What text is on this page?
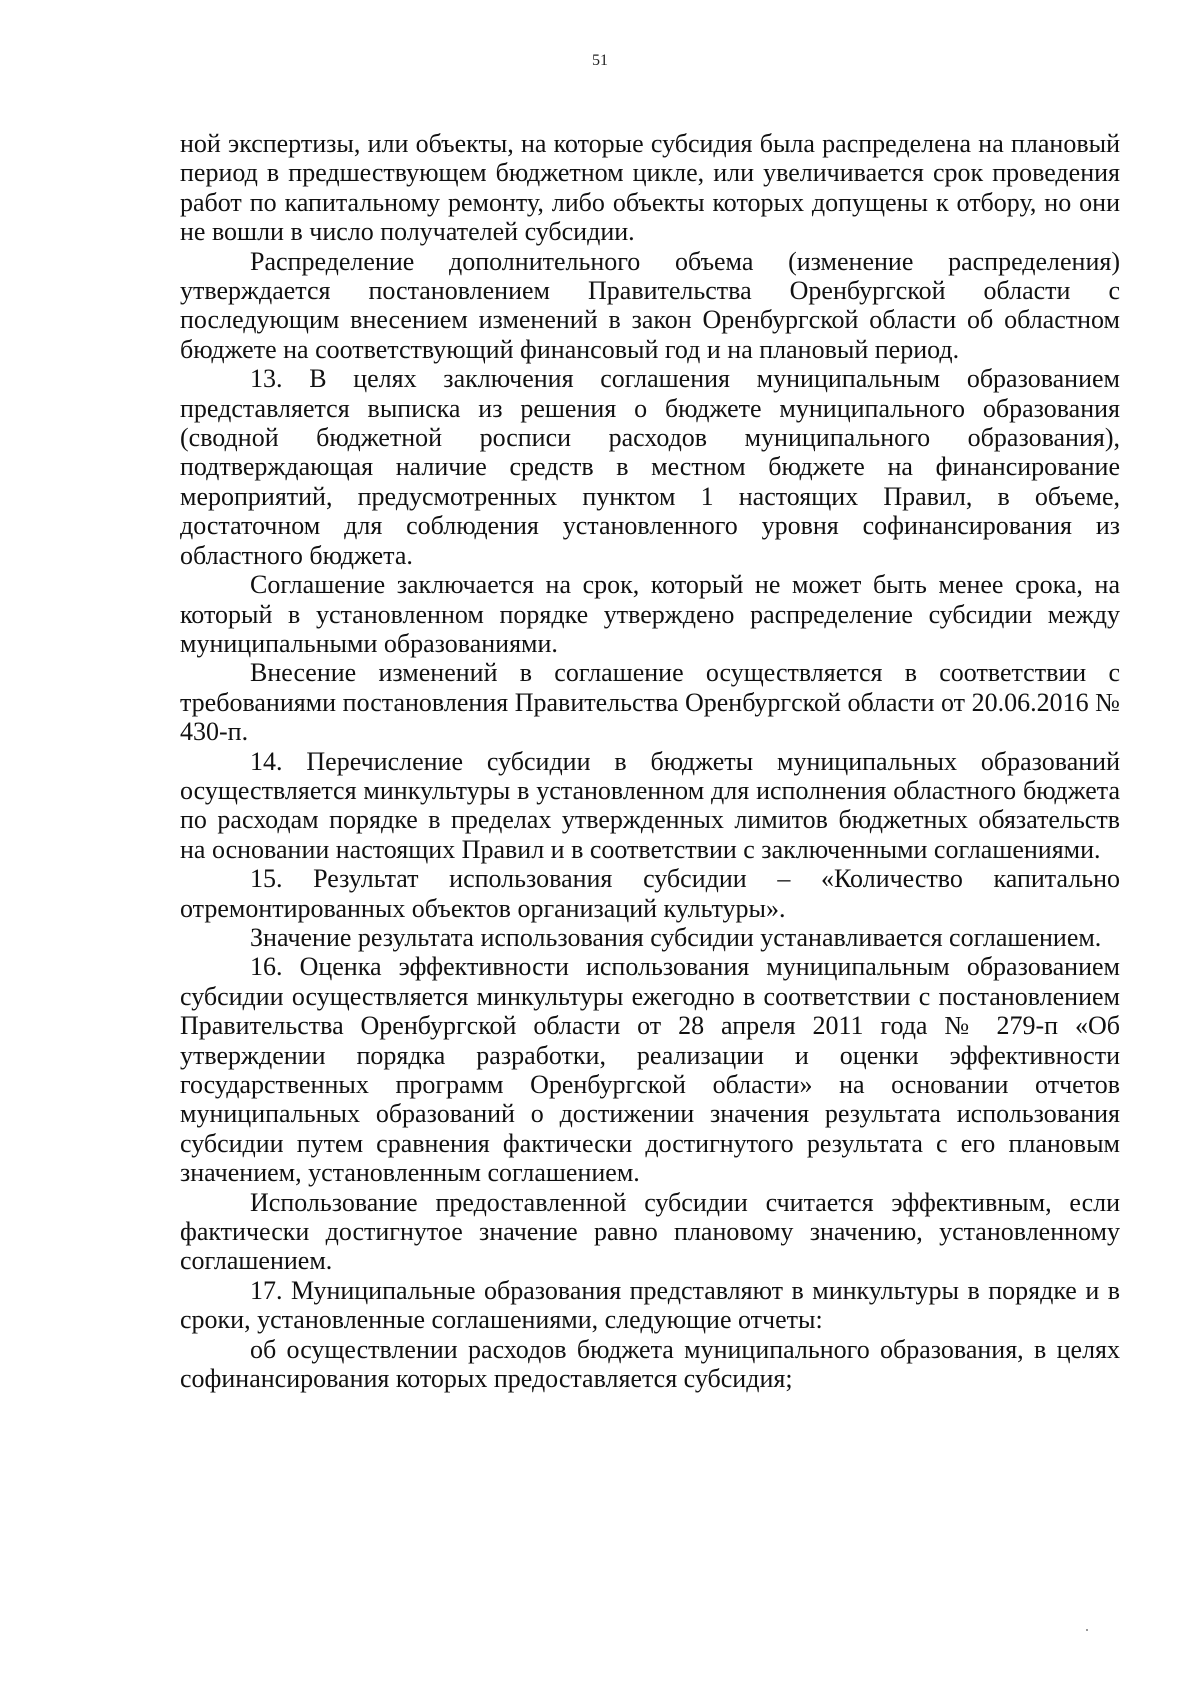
51

ной экспертизы, или объекты, на которые субсидия была распределена на плановый период в предшествующем бюджетном цикле, или увеличивается срок проведения работ по капитальному ремонту, либо объекты которых допущены к отбору, но они не вошли в число получателей субсидии.

Распределение дополнительного объема (изменение распределения) утверждается постановлением Правительства Оренбургской области с последующим внесением изменений в закон Оренбургской области об областном бюджете на соответствующий финансовый год и на плановый период.

13. В целях заключения соглашения муниципальным образованием представляется выписка из решения о бюджете муниципального образования (сводной бюджетной росписи расходов муниципального образования), подтверждающая наличие средств в местном бюджете на финансирование мероприятий, предусмотренных пунктом 1 настоящих Правил, в объеме, достаточном для соблюдения установленного уровня софинансирования из областного бюджета.

Соглашение заключается на срок, который не может быть менее срока, на который в установленном порядке утверждено распределение субсидии между муниципальными образованиями.

Внесение изменений в соглашение осуществляется в соответствии с требованиями постановления Правительства Оренбургской области от 20.06.2016 № 430-п.

14. Перечисление субсидии в бюджеты муниципальных образований осуществляется минкультуры в установленном для исполнения областного бюджета по расходам порядке в пределах утвержденных лимитов бюджетных обязательств на основании настоящих Правил и в соответствии с заключенными соглашениями.

15. Результат использования субсидии – «Количество капитально отремонтированных объектов организаций культуры».

Значение результата использования субсидии устанавливается соглашением.

16. Оценка эффективности использования муниципальным образованием субсидии осуществляется минкультуры ежегодно в соответствии с постановлением Правительства Оренбургской области от 28 апреля 2011 года № 279-п «Об утверждении порядка разработки, реализации и оценки эффективности государственных программ Оренбургской области» на основании отчетов муниципальных образований о достижении значения результата использования субсидии путем сравнения фактически достигнутого результата с его плановым значением, установленным соглашением.

Использование предоставленной субсидии считается эффективным, если фактически достигнутое значение равно плановому значению, установленному соглашением.

17. Муниципальные образования представляют в минкультуры в порядке и в сроки, установленные соглашениями, следующие отчеты:

об осуществлении расходов бюджета муниципального образования, в целях софинансирования которых предоставляется субсидия;
